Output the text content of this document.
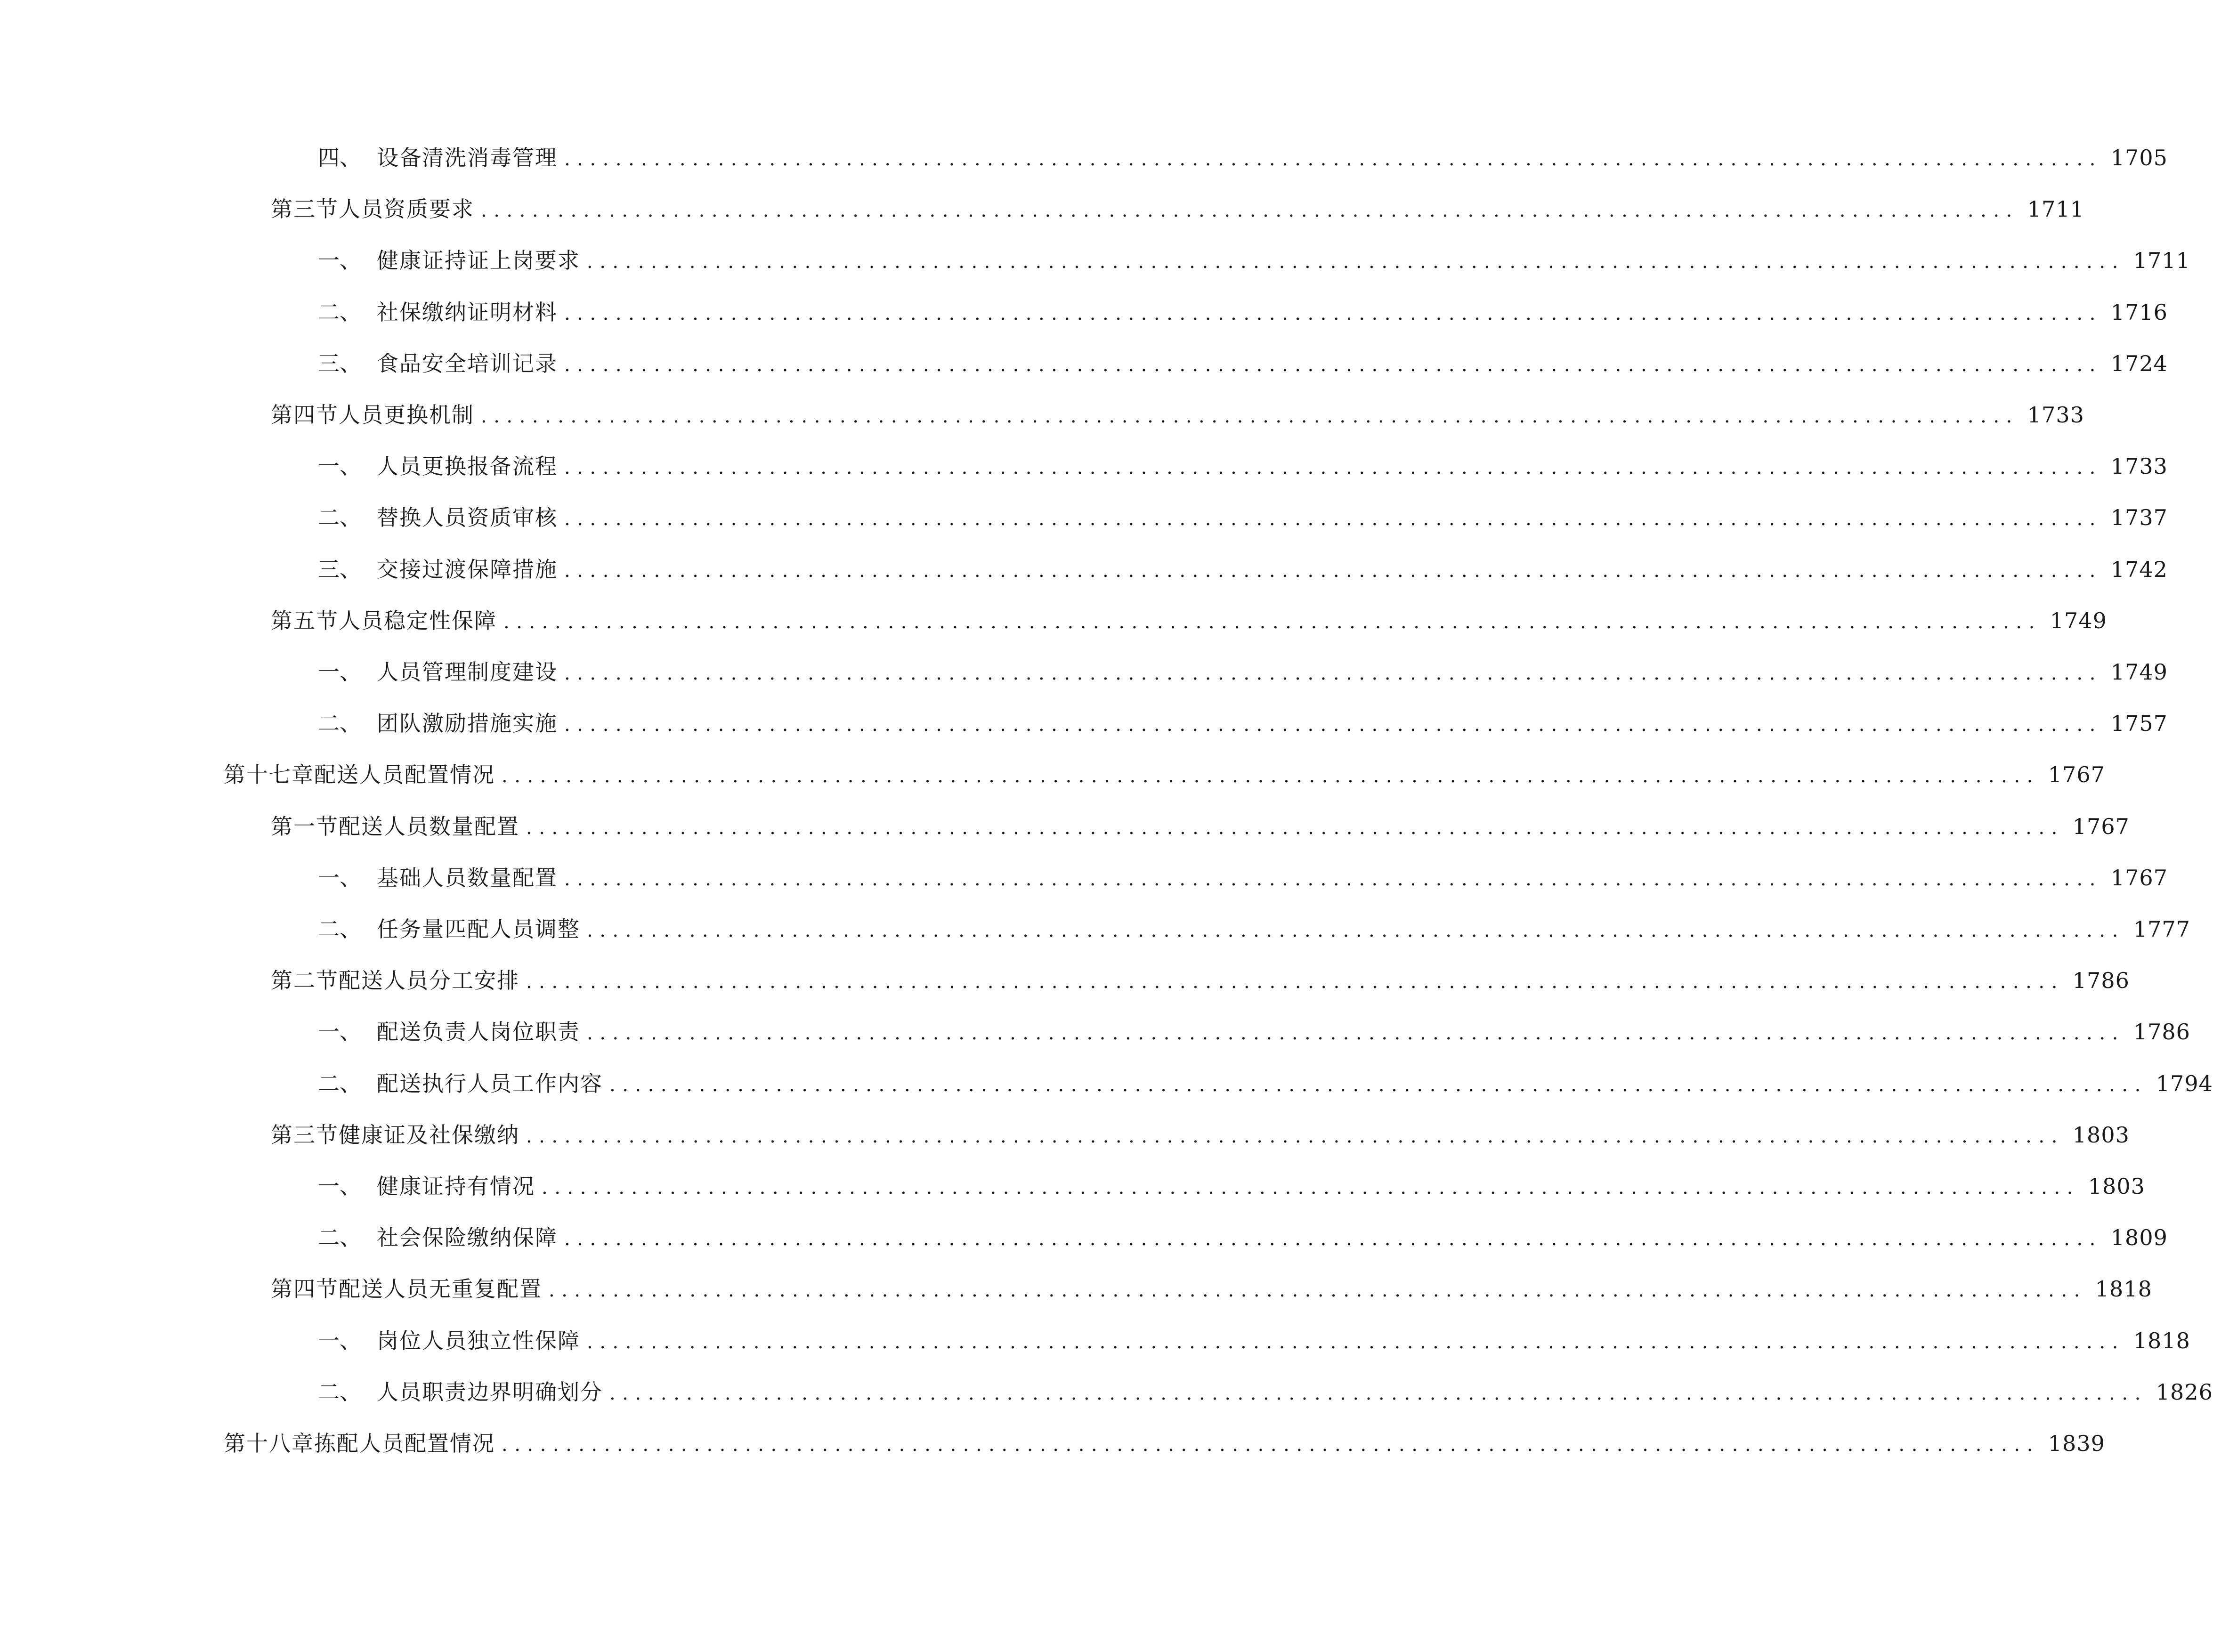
四、 设备清洗消毒管理 ........................................................................................................................ 1705
第三节 人员资质要求 ........................................................................................................................ 1711
一、 健康证持证上岗要求 ........................................................................................................................ 1711
二、 社保缴纳证明材料 ........................................................................................................................ 1716
三、 食品安全培训记录 ........................................................................................................................ 1724
第四节 人员更换机制 ........................................................................................................................ 1733
一、 人员更换报备流程 ........................................................................................................................ 1733
二、 替换人员资质审核 ........................................................................................................................ 1737
三、 交接过渡保障措施 ........................................................................................................................ 1742
第五节 人员稳定性保障 ........................................................................................................................ 1749
一、 人员管理制度建设 ........................................................................................................................ 1749
二、 团队激励措施实施 ........................................................................................................................ 1757
第十七章 配送人员配置情况 ........................................................................................................................ 1767
第一节 配送人员数量配置 ........................................................................................................................ 1767
一、 基础人员数量配置 ........................................................................................................................ 1767
二、 任务量匹配人员调整 ........................................................................................................................ 1777
第二节 配送人员分工安排 ........................................................................................................................ 1786
一、 配送负责人岗位职责 ........................................................................................................................ 1786
二、 配送执行人员工作内容 ........................................................................................................................ 1794
第三节 健康证及社保缴纳 ........................................................................................................................ 1803
一、 健康证持有情况 ........................................................................................................................ 1803
二、 社会保险缴纳保障 ........................................................................................................................ 1809
第四节 配送人员无重复配置 ........................................................................................................................ 1818
一、 岗位人员独立性保障 ........................................................................................................................ 1818
二、 人员职责边界明确划分 ........................................................................................................................ 1826
第十八章 拣配人员配置情况 ........................................................................................................................ 1839
